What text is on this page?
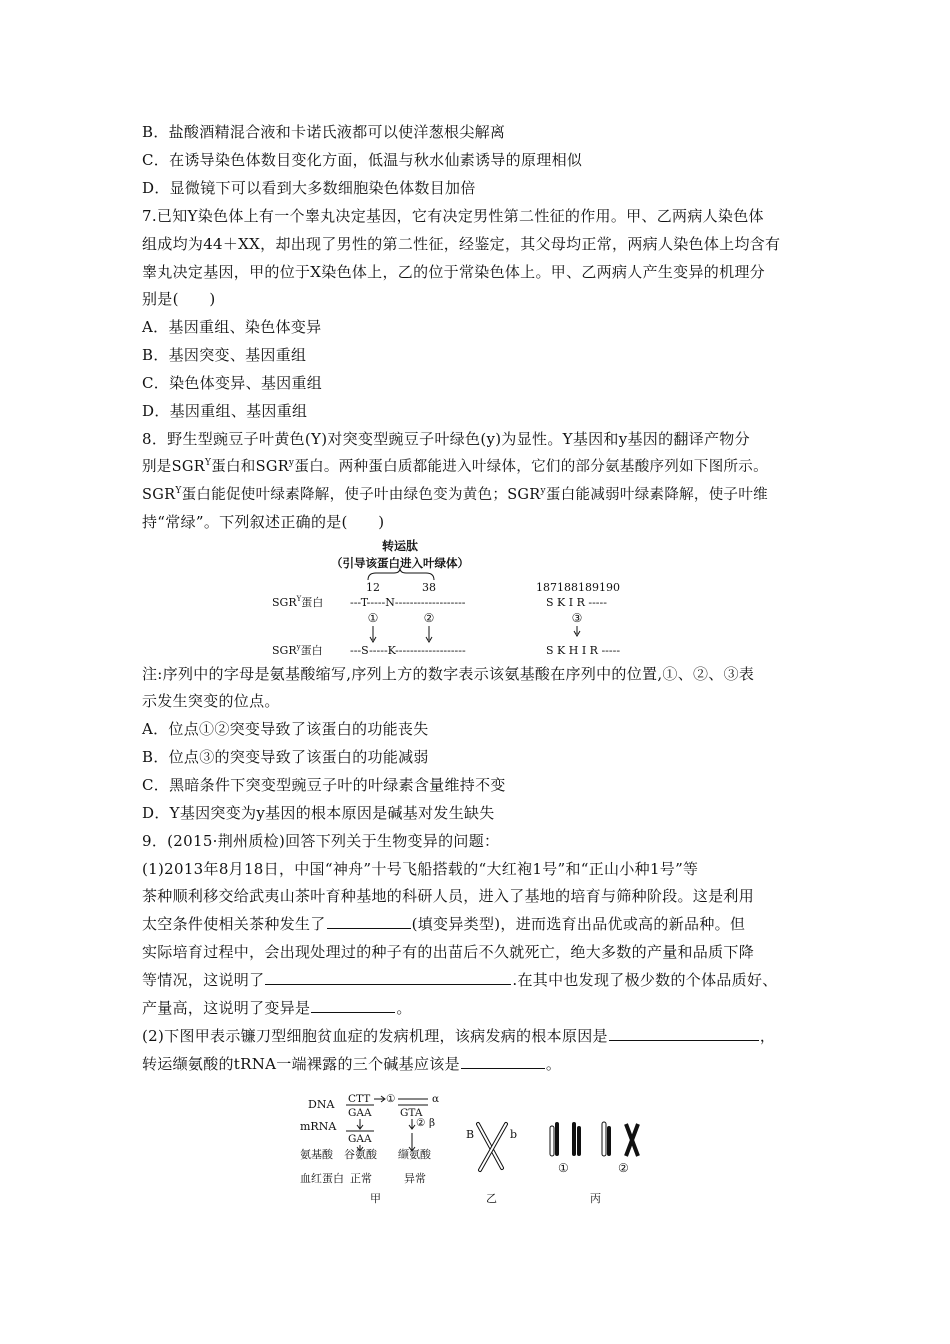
B．盐酸酒精混合液和卡诺氏液都可以使洋葱根尖解离
C．在诱导染色体数目变化方面，低温与秋水仙素诱导的原理相似
D．显微镜下可以看到大多数细胞染色体数目加倍
7.已知Y染色体上有一个睾丸决定基因，它有决定男性第二性征的作用。甲、乙两病人染色体
组成均为44＋XX，却出现了男性的第二性征，经鉴定，其父母均正常，两病人染色体上均含有
睾丸决定基因，甲的位于X染色体上，乙的位于常染色体上。甲、乙两病人产生变异的机理分
别是(　　)
A．基因重组、染色体变异
B．基因突变、基因重组
C．染色体变异、基因重组
D．基因重组、基因重组
8．野生型豌豆子叶黄色(Y)对突变型豌豆子叶绿色(y)为显性。Y基因和y基因的翻译产物分
别是$SGR^Y$蛋白和SGR$^y$蛋白。两种蛋白质都能进入叶绿体，它们的部分氨基酸序列如下图所示。
$SGR^Y$蛋白能促使叶绿素降解，使子叶由绿色变为黄色；SGR$^y$蛋白能减弱叶绿素降解，使子叶维
持“常绿”。下列叙述正确的是(　　)
转运肽
（引导该蛋白进入叶绿体）
12	38	187188189190
$SGR^Y$蛋白 ---T-----N-------------------	S K I R -----
①	②	③
SGR$^y$蛋白 ---S-----K-------------------	S K H I R -----
注:序列中的字母是氨基酸缩写,序列上方的数字表示该氨基酸在序列中的位置,①、②、③表
示发生突变的位点。
A．位点①②突变导致了该蛋白的功能丧失
B．位点③的突变导致了该蛋白的功能减弱
C．黑暗条件下突变型豌豆子叶的叶绿素含量维持不变
D．Y基因突变为y基因的根本原因是碱基对发生缺失
9．(2015·荆州质检)回答下列关于生物变异的问题：
(1)2013年8月18日，中国“神舟”十号飞船搭载的“大红袍1号”和“正山小种1号”等
茶种顺利移交给武夷山茶叶育种基地的科研人员，进入了基地的培育与筛种阶段。这是利用
太空条件使相关茶种发生了	(填变异类型)，进而选育出品优或高的新品种。但
实际培育过程中，会出现处理过的种子有的出苗后不久就死亡，绝大多数的产量和品质下降
等情况，这说明了	.在其中也发现了极少数的个体品质好、
产量高，这说明了变异是	。
(2)下图甲表示镰刀型细胞贫血症的发病机理，该病发病的根本原因是	，
转运缬氨酸的tRNA一端裸露的三个碱基应该是	。
DNA
mRNA
氨基酸
血红蛋白
CTT
GAA
①	α
GTA
② β
GAA
谷氨酸 缬氨酸
正常	异常
甲
B	b
乙
①	②
丙
